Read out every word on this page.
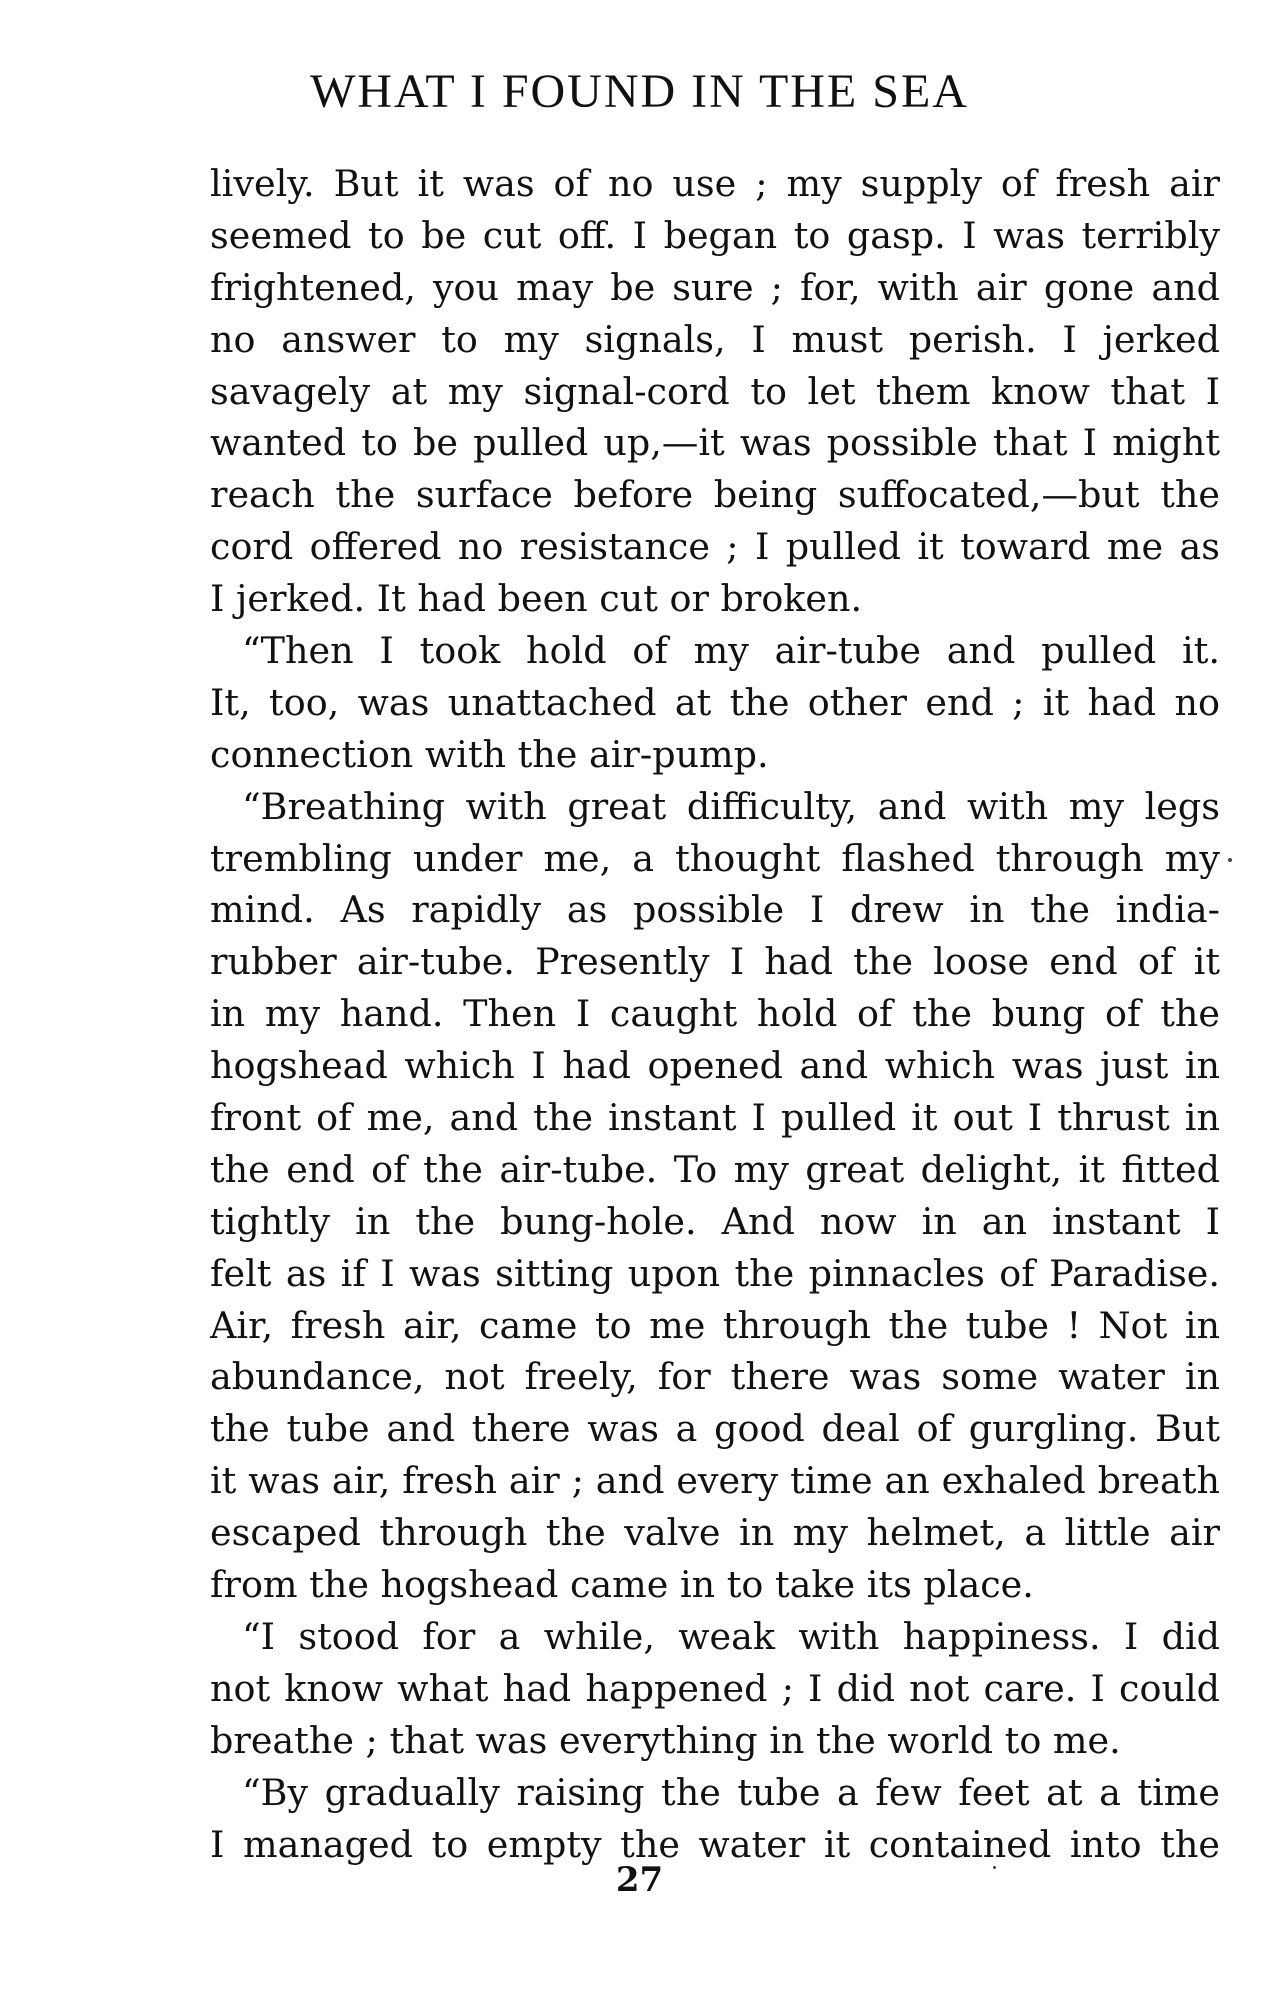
WHAT I FOUND IN THE SEA
lively. But it was of no use ; my supply of fresh air
seemed to be cut off. I began to gasp. I was terribly
frightened, you may be sure ; for, with air gone and
no answer to my signals, I must perish. I jerked
savagely at my signal-cord to let them know that I
wanted to be pulled up,—it was possible that I might
reach the surface before being suffocated,—but the
cord offered no resistance ; I pulled it toward me as
I jerked. It had been cut or broken.
“Then I took hold of my air-tube and pulled it.
It, too, was unattached at the other end ; it had no
connection with the air-pump.
“Breathing with great difficulty, and with my legs
trembling under me, a thought flashed through my
mind. As rapidly as possible I drew in the india-
rubber air-tube. Presently I had the loose end of it
in my hand. Then I caught hold of the bung of the
hogshead which I had opened and which was just in
front of me, and the instant I pulled it out I thrust in
the end of the air-tube. To my great delight, it fitted
tightly in the bung-hole. And now in an instant I
felt as if I was sitting upon the pinnacles of Paradise.
Air, fresh air, came to me through the tube ! Not in
abundance, not freely, for there was some water in
the tube and there was a good deal of gurgling. But
it was air, fresh air ; and every time an exhaled breath
escaped through the valve in my helmet, a little air
from the hogshead came in to take its place.
“I stood for a while, weak with happiness. I did
not know what had happened ; I did not care. I could
breathe ; that was everything in the world to me.
“By gradually raising the tube a few feet at a time
I managed to empty the water it contained into the
27
